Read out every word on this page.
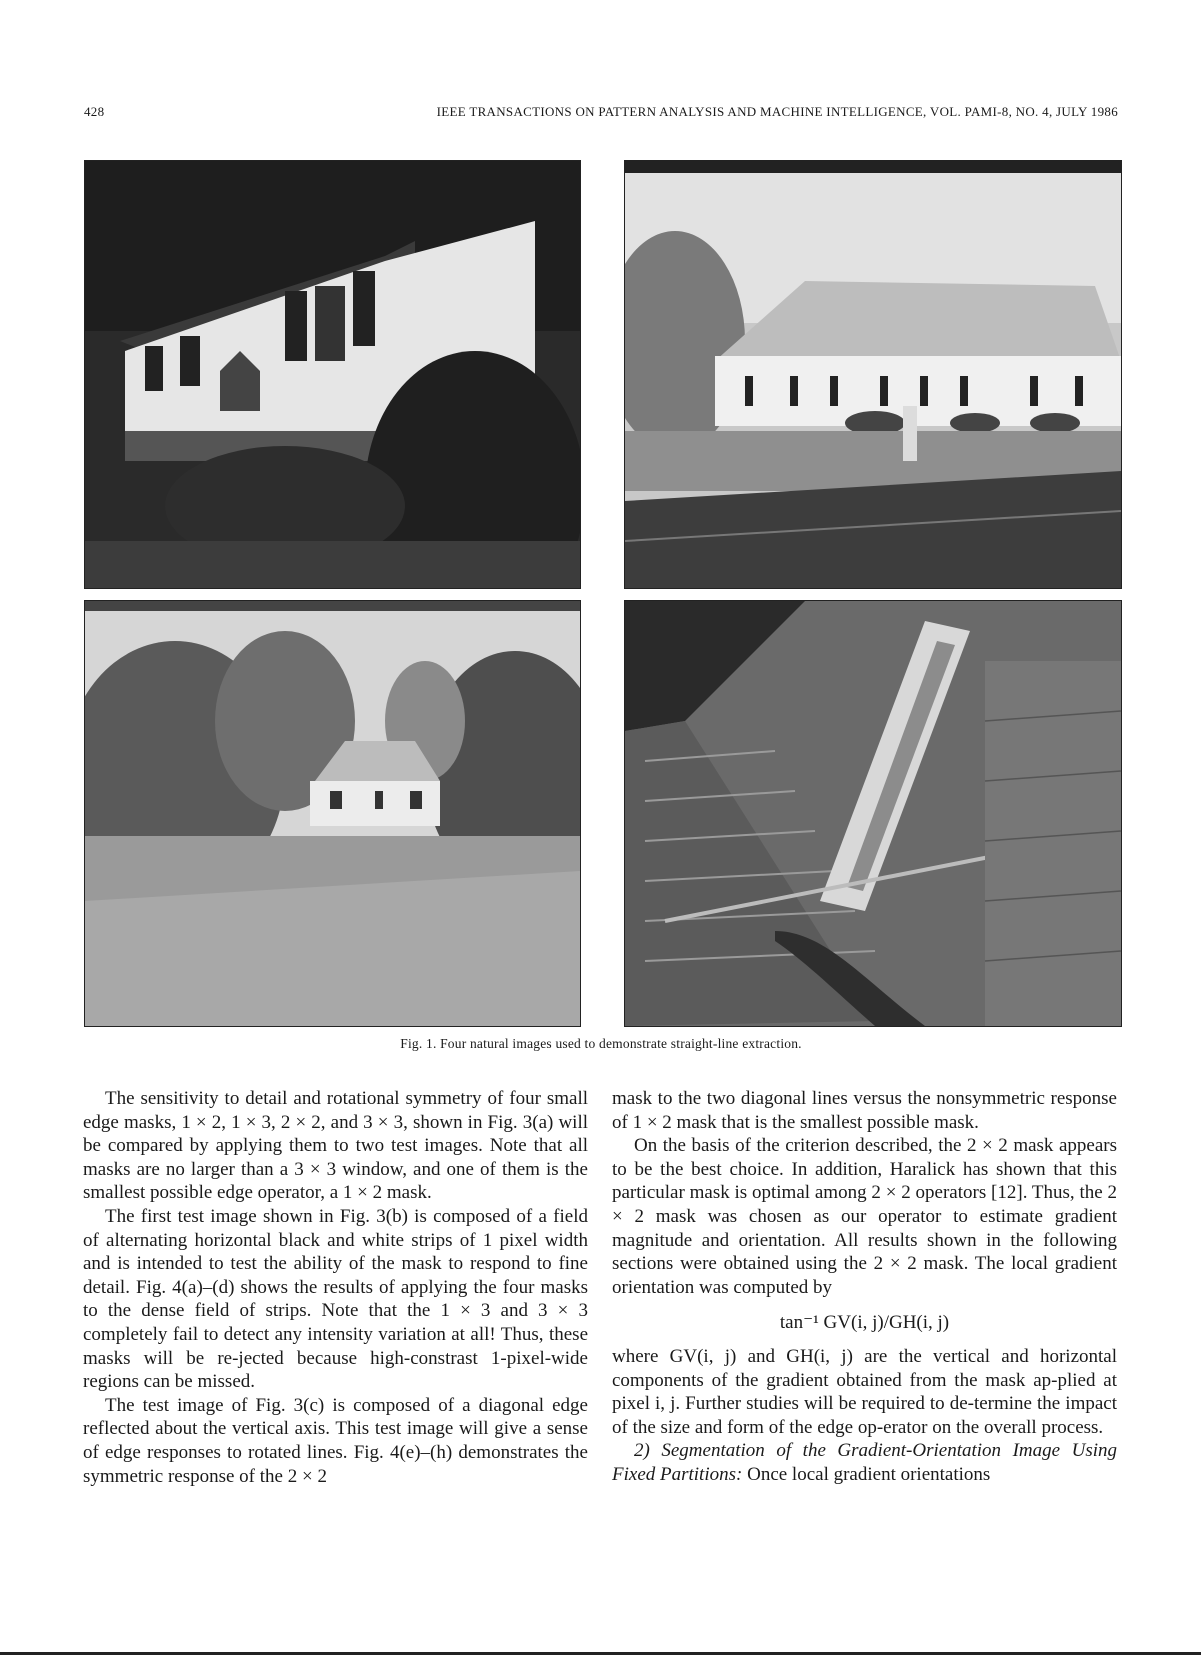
428	IEEE TRANSACTIONS ON PATTERN ANALYSIS AND MACHINE INTELLIGENCE, VOL. PAMI-8, NO. 4, JULY 1986
Fig. 1. Four natural images used to demonstrate straight-line extraction.

The sensitivity to detail and rotational symmetry of four small edge masks, 1 × 2, 1 × 3, 2 × 2, and 3 × 3, shown in Fig. 3(a) will be compared by applying them to two test images. Note that all masks are no larger than a 3 × 3 window, and one of them is the smallest possible edge operator, a 1 × 2 mask.

The first test image shown in Fig. 3(b) is composed of a field of alternating horizontal black and white strips of 1 pixel width and is intended to test the ability of the mask to respond to fine detail. Fig. 4(a)–(d) shows the results of applying the four masks to the dense field of strips. Note that the 1 × 3 and 3 × 3 completely fail to detect any intensity variation at all! Thus, these masks will be re-jected because high-constrast 1-pixel-wide regions can be missed.

The test image of Fig. 3(c) is composed of a diagonal edge reflected about the vertical axis. This test image will give a sense of edge responses to rotated lines. Fig. 4(e)–(h) demonstrates the symmetric response of the 2 × 2

mask to the two diagonal lines versus the nonsymmetric response of 1 × 2 mask that is the smallest possible mask.

On the basis of the criterion described, the 2 × 2 mask appears to be the best choice. In addition, Haralick has shown that this particular mask is optimal among 2 × 2 operators [12]. Thus, the 2 × 2 mask was chosen as our operator to estimate gradient magnitude and orientation. All results shown in the following sections were obtained using the 2 × 2 mask. The local gradient orientation was computed by

tan⁻¹ GV(i, j)/GH(i, j)

where GV(i, j) and GH(i, j) are the vertical and horizontal components of the gradient obtained from the mask ap-plied at pixel i, j. Further studies will be required to de-termine the impact of the size and form of the edge op-erator on the overall process.

2) Segmentation of the Gradient-Orientation Image Using Fixed Partitions: Once local gradient orientations
